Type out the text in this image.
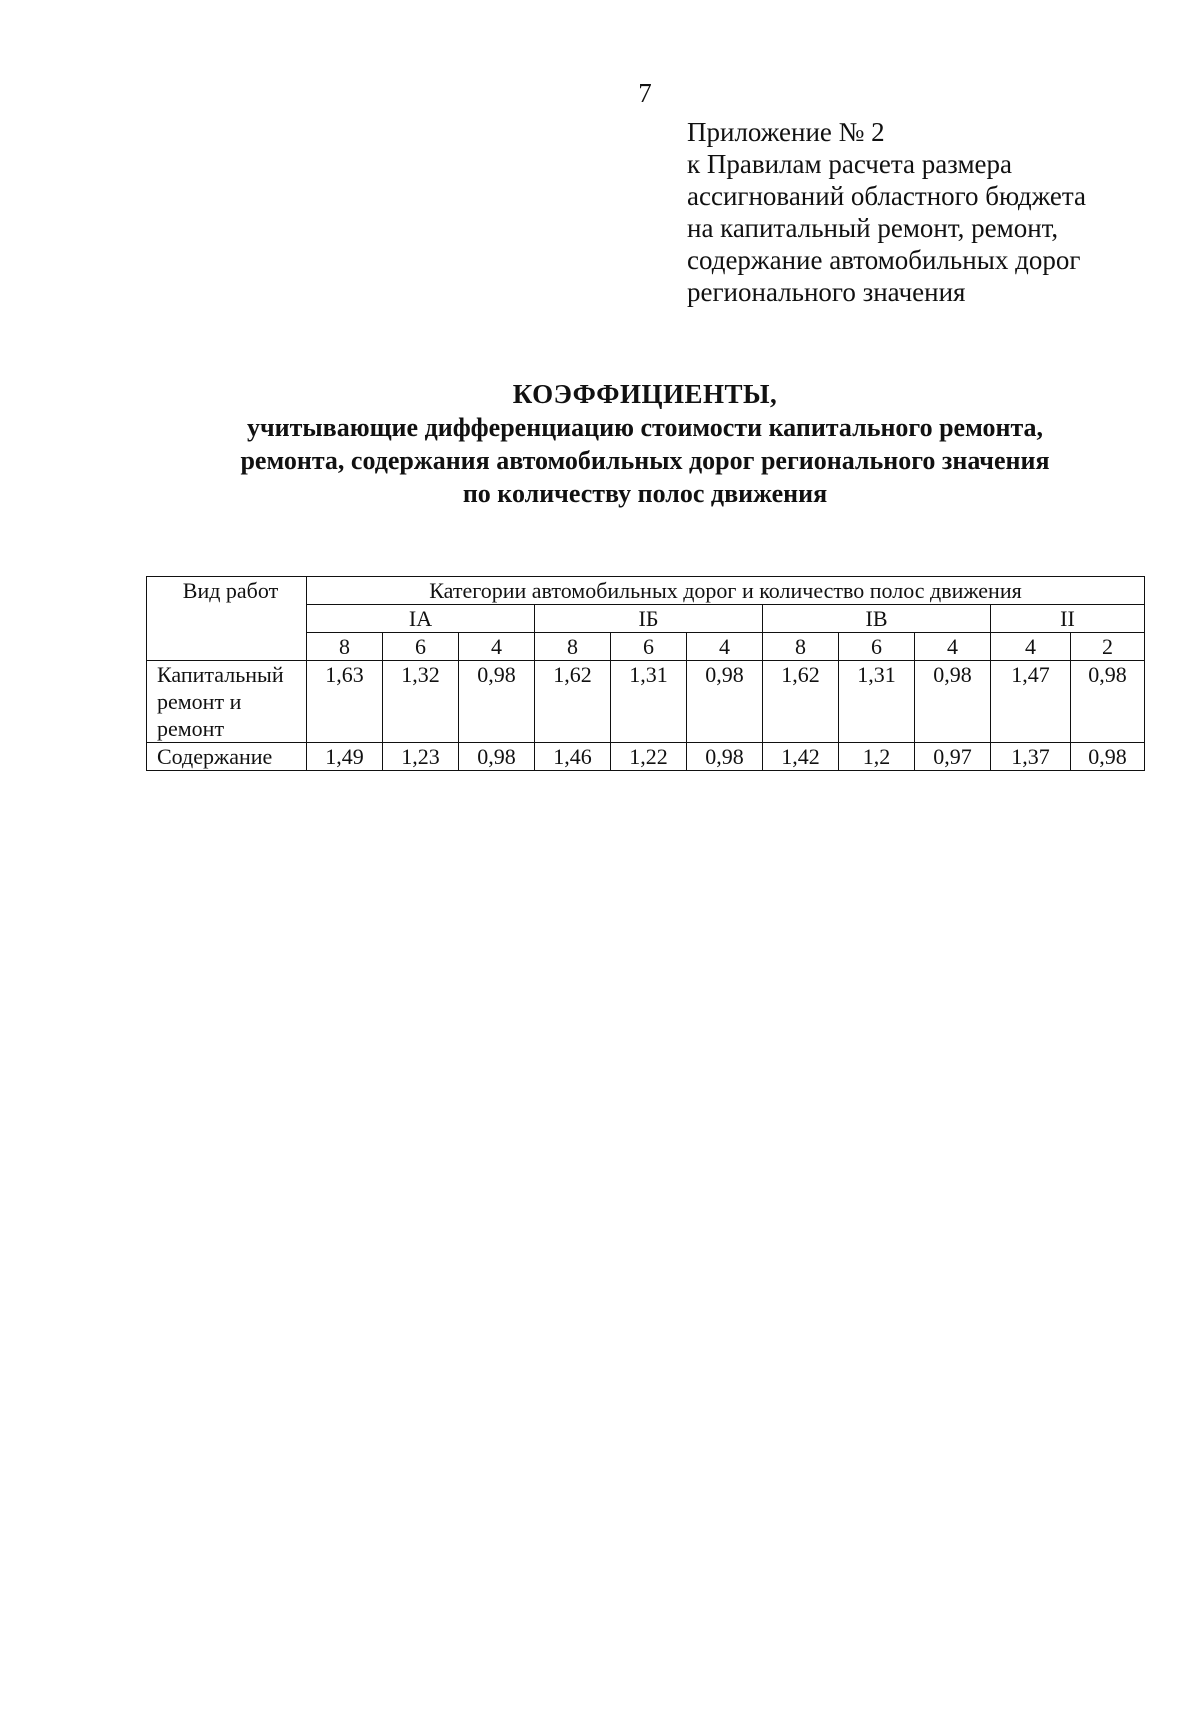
7
Приложение № 2
к Правилам расчета размера
ассигнований областного бюджета
на капитальный ремонт, ремонт,
содержание автомобильных дорог
регионального значения
КОЭФФИЦИЕНТЫ,
учитывающие дифференциацию стоимости капитального ремонта,
ремонта, содержания автомобильных дорог регионального значения
по количеству полос движения
Вид работ	Категории автомобильных дорог и количество полос движения										
	IA			IБ			IB			II	
	8	6	4	8	6	4	8	6	4	4	2

Капитальный
ремонт и
ремонт	1,63	1,32	0,98	1,62	1,31	0,98	1,62	1,31	0,98	1,47	0,98

Содержание	1,49	1,23	0,98	1,46	1,22	0,98	1,42	1,2	0,97	1,37	0,98
